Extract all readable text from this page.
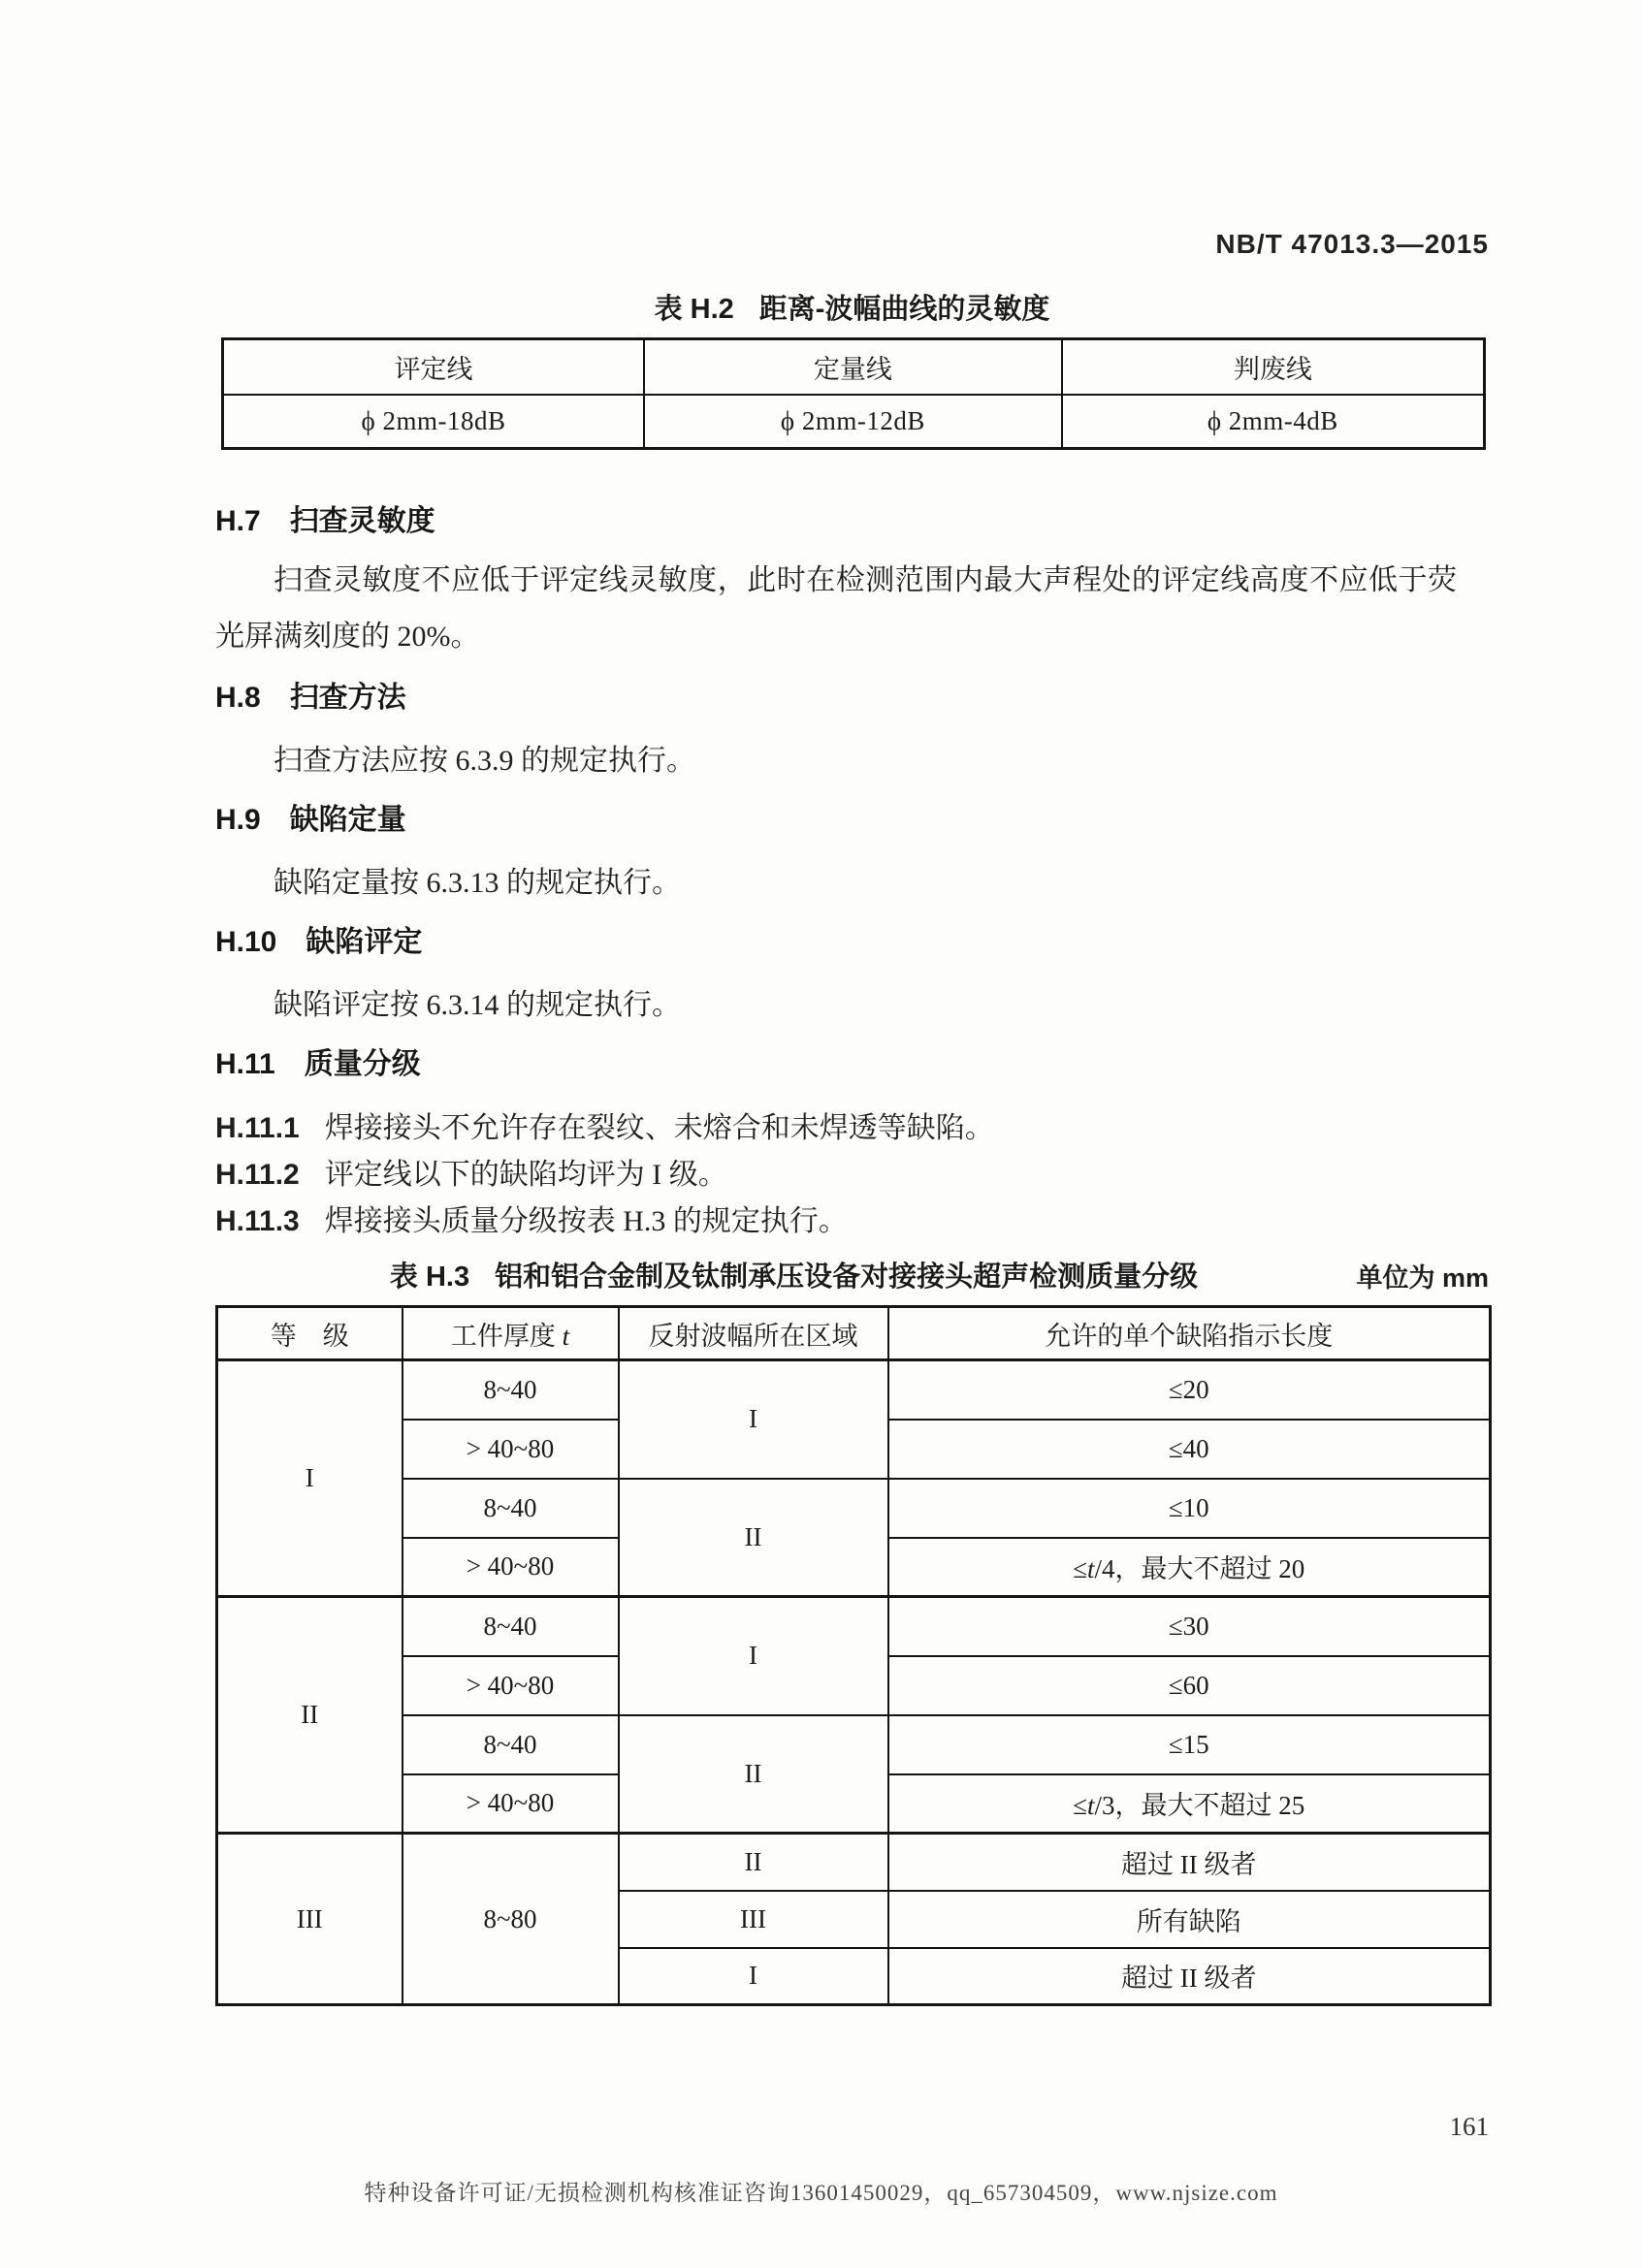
NB/T 47013.3—2015
表 H.2 距离-波幅曲线的灵敏度
评定线	定量线	判废线
ϕ 2mm-18dB	ϕ 2mm-12dB	ϕ 2mm-4dB
H.7 扫查灵敏度
扫查灵敏度不应低于评定线灵敏度，此时在检测范围内最大声程处的评定线高度不应低于荧光屏满刻度的 20%。
H.8 扫查方法
扫查方法应按 6.3.9 的规定执行。
H.9 缺陷定量
缺陷定量按 6.3.13 的规定执行。
H.10 缺陷评定
缺陷评定按 6.3.14 的规定执行。
H.11 质量分级
H.11.1 焊接接头不允许存在裂纹、未熔合和未焊透等缺陷。
H.11.2 评定线以下的缺陷均评为 I 级。
H.11.3 焊接接头质量分级按表 H.3 的规定执行。
表 H.3 铝和铝合金制及钛制承压设备对接接头超声检测质量分级	单位为 mm
等　级	工件厚度 t	反射波幅所在区域	允许的单个缺陷指示长度
I	8~40	I	≤20
	> 40~80		≤40
	8~40	II	≤10
	> 40~80		≤t/4，最大不超过 20
II	8~40	I	≤30
	> 40~80		≤60
	8~40	II	≤15
	> 40~80		≤t/3，最大不超过 25
III	8~80	II	超过 II 级者
		III	所有缺陷
		I	超过 II 级者
161
特种设备许可证/无损检测机构核准证咨询13601450029，qq_657304509，www.njsize.com
